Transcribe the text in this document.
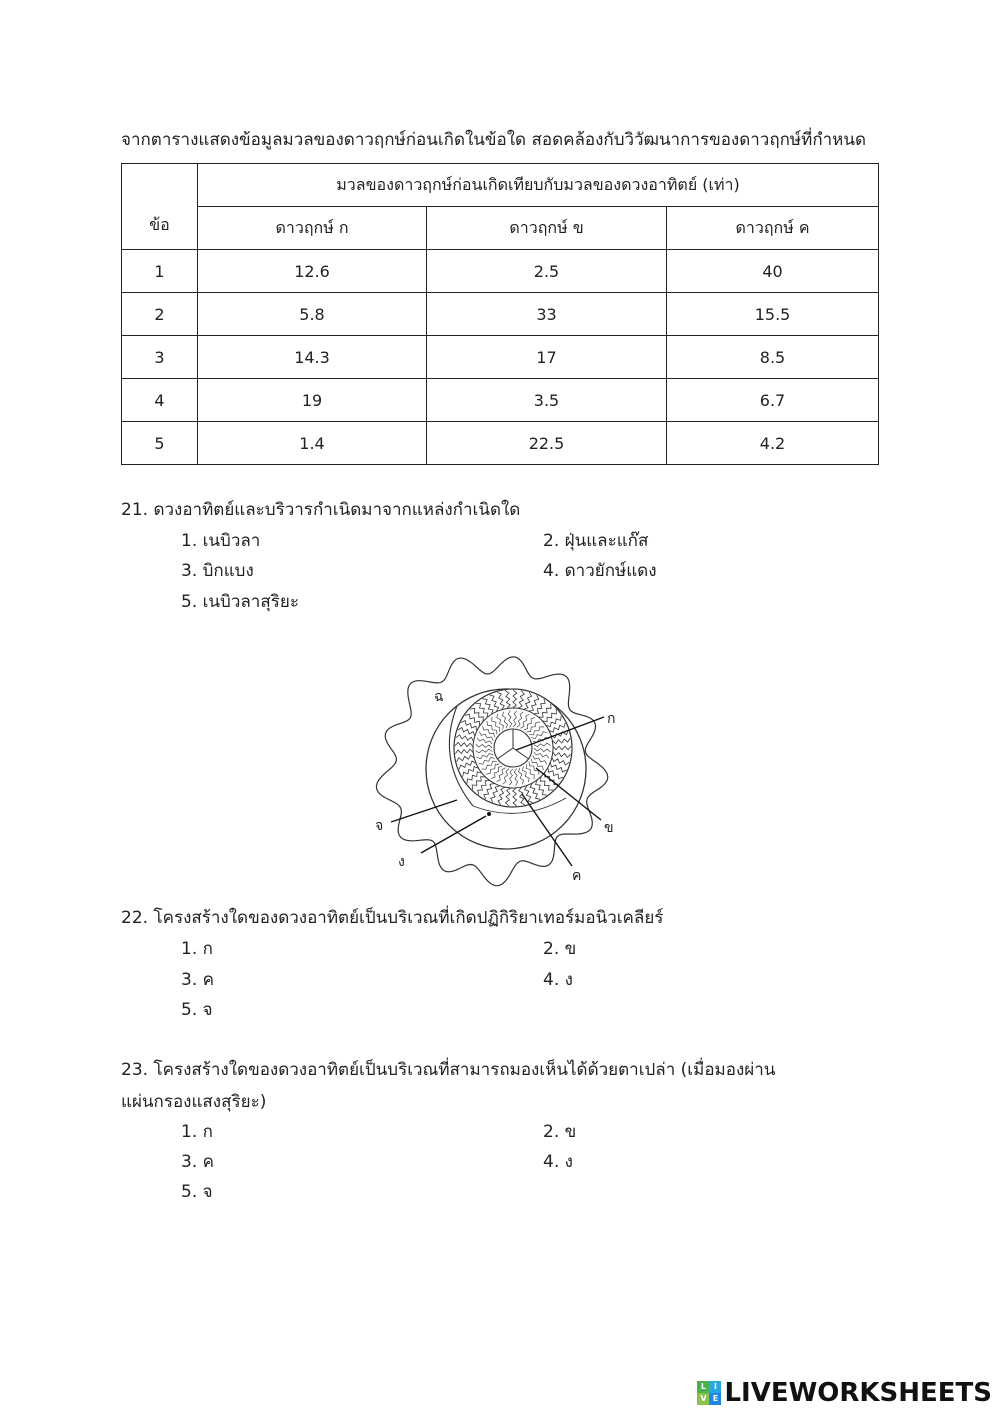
จากตารางแสดงข้อมูลมวลของดาวฤกษ์ก่อนเกิดในข้อใด สอดคล้องกับวิวัฒนาการของดาวฤกษ์ที่กำหนด
ข้อ	มวลของดาวฤกษ์ก่อนเกิดเทียบกับมวลของดวงอาทิตย์ (เท่า)		
	ดาวฤกษ์ ก	ดาวฤกษ์ ข	ดาวฤกษ์ ค
1	12.6	2.5	40
2	5.8	33	15.5
3	14.3	17	8.5
4	19	3.5	6.7
5	1.4	22.5	4.2
21. ดวงอาทิตย์และบริวารกำเนิดมาจากแหล่งกำเนิดใด
1. เนบิวลา	2. ฝุ่นและแก๊ส
3. บิกแบง	4. ดาวยักษ์แดง
5. เนบิวลาสุริยะ
ก
ข
ค
ง
จ
ฉ
22. โครงสร้างใดของดวงอาทิตย์เป็นบริเวณที่เกิดปฏิกิริยาเทอร์มอนิวเคลียร์
1. ก	2. ข
3. ค	4. ง
5. จ
23. โครงสร้างใดของดวงอาทิตย์เป็นบริเวณที่สามารถมองเห็นได้ด้วยตาเปล่า (เมื่อมองผ่าน
แผ่นกรองแสงสุริยะ)
1. ก	2. ข
3. ค	4. ง
5. จ
L I
V E LIVEWORKSHEETS
